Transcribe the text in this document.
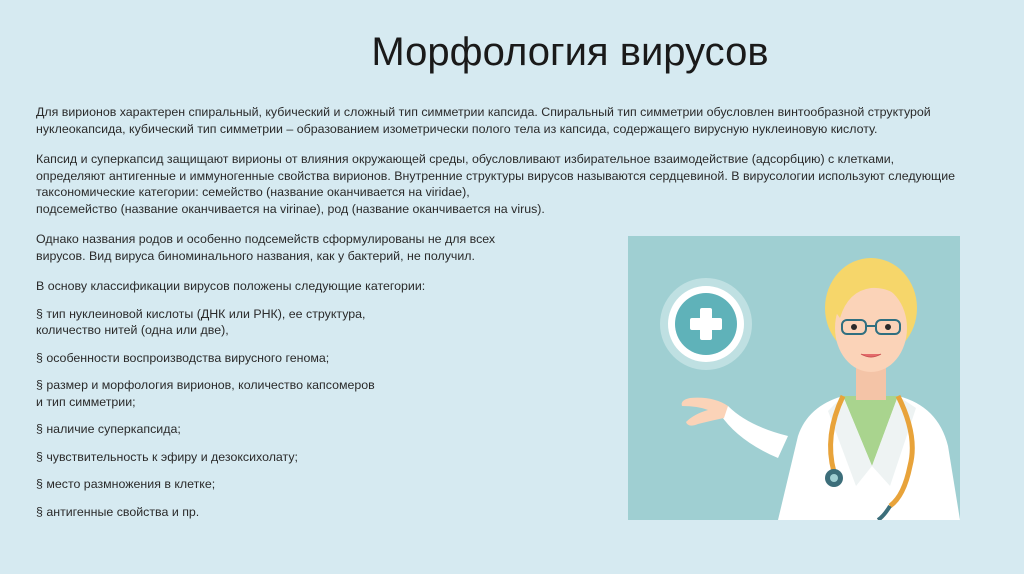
Морфология вирусов

Для вирионов характерен спиральный, кубический и сложный тип симметрии капсида. Спиральный тип симметрии обусловлен винтообразной структурой нуклеокапсида, кубический тип симметрии – образованием изометрически полого тела из капсида, содержащего вирусную нуклеиновую кислоту.

Капсид и суперкапсид защищают вирионы от влияния окружающей среды, обусловливают избирательное взаимодействие (адсорбцию) с клетками, определяют антигенные и иммуногенные свойства вирионов. Внутренние структуры вирусов называются сердцевиной. В вирусологии используют следующие таксономические категории: семейство (название оканчивается на viridae),
подсемейство (название оканчивается на virinae), род (название оканчивается на virus).

Однако названия родов и особенно подсемейств сформулированы не для всех
вирусов. Вид вируса биноминального названия, как у бактерий, не получил.

В основу классификации вирусов положены следующие категории:

§ тип нуклеиновой кислоты (ДНК или РНК), ее структура,
количество нитей (одна или две),

§ особенности воспроизводства вирусного генома;

§ размер и морфология вирионов, количество капсомеров
и тип симметрии;

§ наличие суперкапсида;

§ чувствительность к эфиру и дезоксихолату;

§ место размножения в клетке;

§ антигенные свойства и пр.
